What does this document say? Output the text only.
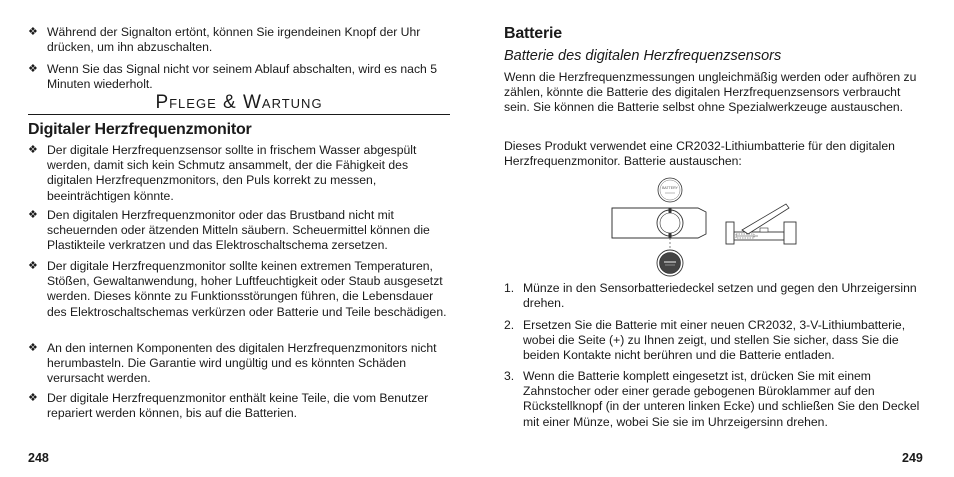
❖ Während der Signalton ertönt, können Sie irgendeinen Knopf der Uhr drücken, um ihn abzuschalten.

❖ Wenn Sie das Signal nicht vor seinem Ablauf abschalten, wird es nach 5 Minuten wiederholt.

Pflege & Wartung
Digitaler Herzfrequenzmonitor
❖ Der digitale Herzfrequenzsensor sollte in frischem Wasser abgespült werden, damit sich kein Schmutz ansammelt, der die Fähigkeit des digitalen Herzfrequenzmonitors, den Puls korrekt zu messen, beeinträchtigen könnte.

❖ Den digitalen Herzfrequenzmonitor oder das Brustband nicht mit scheuernden oder ätzenden Mitteln säubern. Scheuermittel können die Plastikteile verkratzen und das Elektroschaltschema zersetzen.

❖ Der digitale Herzfrequenzmonitor sollte keinen extremen Temperaturen, Stößen, Gewaltanwendung, hoher Luftfeuchtigkeit oder Staub ausgesetzt werden. Dieses könnte zu Funktionsstörungen führen, die Lebensdauer des Elektroschaltschemas verkürzen oder Batterie und Teile beschädigen.

❖ An den internen Komponenten des digitalen Herzfrequenzmonitors nicht herumbasteln. Die Garantie wird ungültig und es könnten Schäden verursacht werden.

❖ Der digitale Herzfrequenzmonitor enthält keine Teile, die vom Benutzer repariert werden können, bis auf die Batterien.

248
Batterie
Batterie des digitalen Herzfrequenzsensors

Wenn die Herzfrequenzmessungen ungleichmäßig werden oder aufhören zu zählen, könnte die Batterie des digitalen Herzfrequenzsensors verbraucht sein. Sie können die Batterie selbst ohne Spezialwerkzeuge austauschen.

Dieses Produkt verwendet eine CR2032-Lithiumbatterie für den digitalen Herzfrequenzmonitor. Batterie austauschen:

1. Münze in den Sensorbatteriedeckel setzen und gegen den Uhrzeigersinn drehen.

2. Ersetzen Sie die Batterie mit einer neuen CR2032, 3-V-Lithiumbatterie, wobei die Seite (+) zu Ihnen zeigt, und stellen Sie sicher, dass Sie die beiden Kontakte nicht berühren und die Batterie entladen.

3. Wenn die Batterie komplett eingesetzt ist, drücken Sie mit einem Zahnstocher oder einer gerade gebogenen Büroklammer auf den Rückstellknopf (in der unteren linken Ecke) und schließen Sie den Deckel mit einer Münze, wobei Sie sie im Uhrzeigersinn drehen.

249
BATTERY
